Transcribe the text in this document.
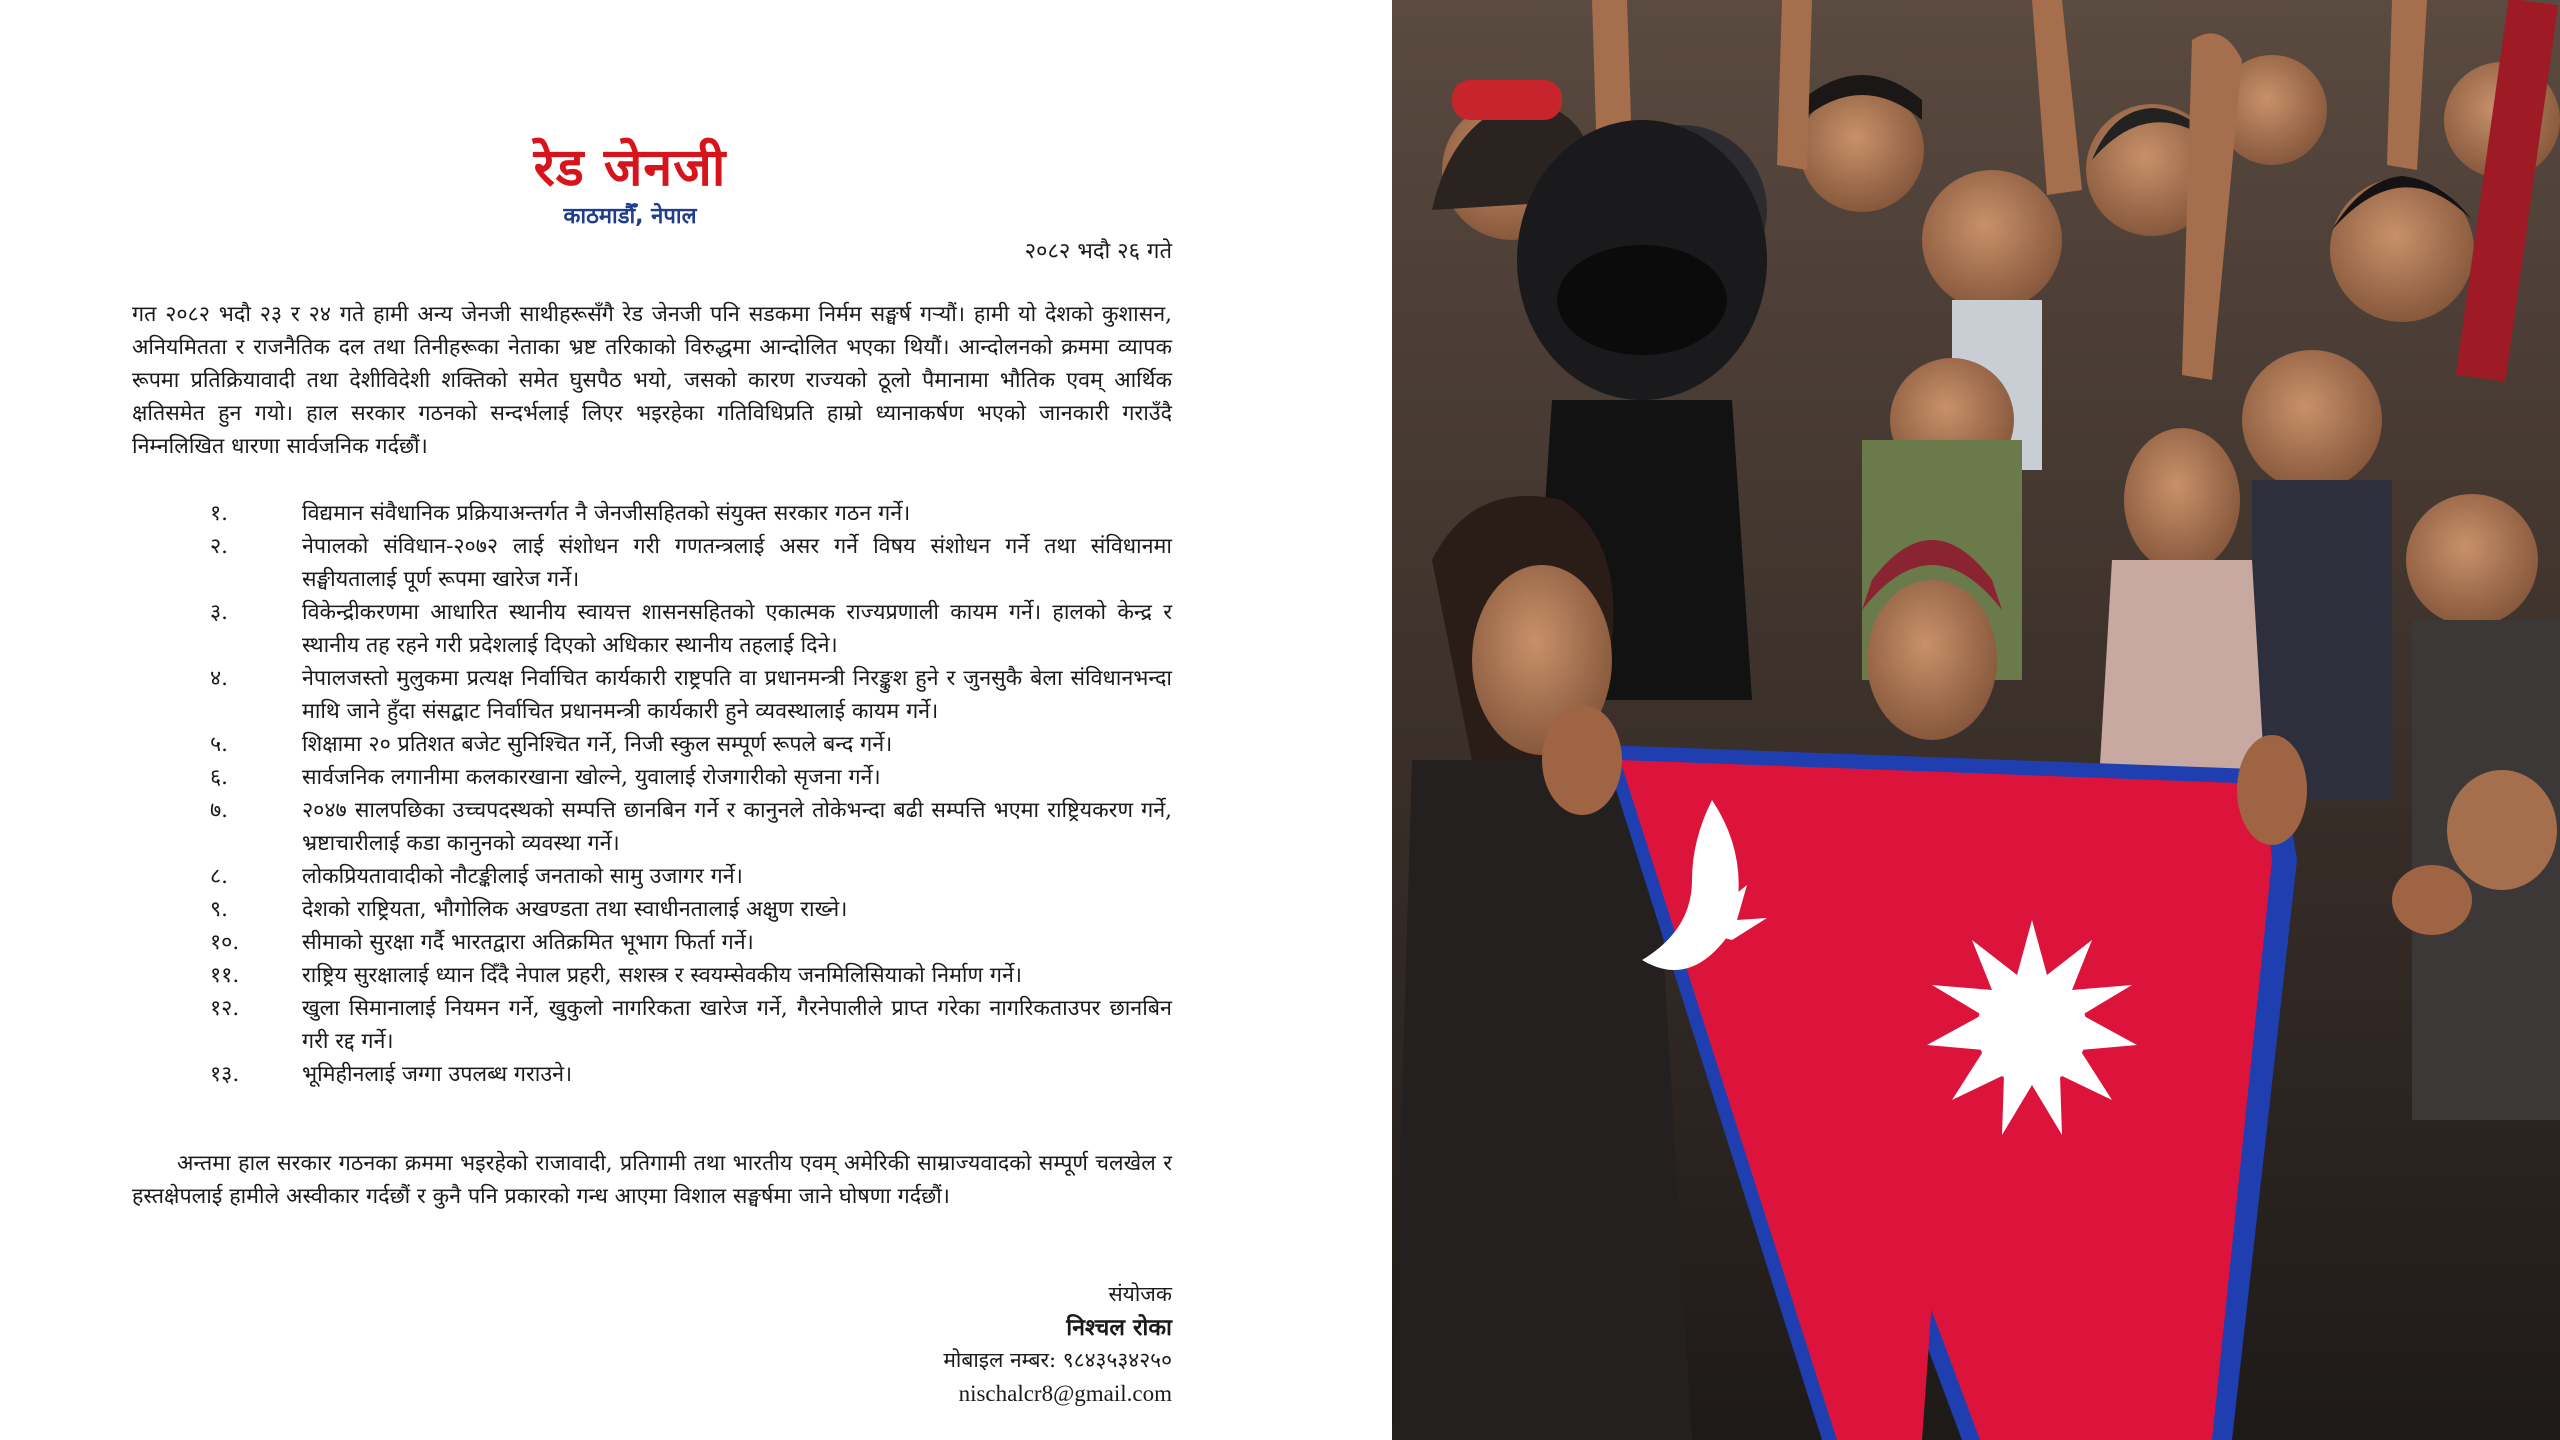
रेड जेनजी

काठमाडौँ, नेपाल

२०८२ भदौ २६ गते

गत २०८२ भदौ २३ र २४ गते हामी अन्य जेनजी साथीहरूसँगै रेड जेनजी पनि सडकमा निर्मम सङ्घर्ष गर्‍यौं। हामी यो देशको कुशासन, अनियमितता र राजनैतिक दल तथा तिनीहरूका नेताका भ्रष्ट तरिकाको विरुद्धमा आन्दोलित भएका थियौं। आन्दोलनको क्रममा व्यापक रूपमा प्रतिक्रियावादी तथा देशीविदेशी शक्तिको समेत घुसपैठ भयो, जसको कारण राज्यको ठूलो पैमानामा भौतिक एवम् आर्थिक क्षतिसमेत हुन गयो। हाल सरकार गठनको सन्दर्भलाई लिएर भइरहेका गतिविधिप्रति हाम्रो ध्यानाकर्षण भएको जानकारी गराउँदै निम्नलिखित धारणा सार्वजनिक गर्दछौं।

१.	विद्यमान संवैधानिक प्रक्रियाअन्तर्गत नै जेनजीसहितको संयुक्त सरकार गठन गर्ने।
२.	नेपालको संविधान-२०७२ लाई संशोधन गरी गणतन्त्रलाई असर गर्ने विषय संशोधन गर्ने तथा संविधानमा सङ्घीयतालाई पूर्ण रूपमा खारेज गर्ने।
३.	विकेन्द्रीकरणमा आधारित स्थानीय स्वायत्त शासनसहितको एकात्मक राज्यप्रणाली कायम गर्ने। हालको केन्द्र र स्थानीय तह रहने गरी प्रदेशलाई दिएको अधिकार स्थानीय तहलाई दिने।
४.	नेपालजस्तो मुलुकमा प्रत्यक्ष निर्वाचित कार्यकारी राष्ट्रपति वा प्रधानमन्त्री निरङ्कुश हुने र जुनसुकै बेला संविधानभन्दा माथि जाने हुँदा संसद्बाट निर्वाचित प्रधानमन्त्री कार्यकारी हुने व्यवस्थालाई कायम गर्ने।
५.	शिक्षामा २० प्रतिशत बजेट सुनिश्चित गर्ने, निजी स्कुल सम्पूर्ण रूपले बन्द गर्ने।
६.	सार्वजनिक लगानीमा कलकारखाना खोल्ने, युवालाई रोजगारीको सृजना गर्ने।
७.	२०४७ सालपछिका उच्चपदस्थको सम्पत्ति छानबिन गर्ने र कानुनले तोकेभन्दा बढी सम्पत्ति भएमा राष्ट्रियकरण गर्ने, भ्रष्टाचारीलाई कडा कानुनको व्यवस्था गर्ने।
८.	लोकप्रियतावादीको नौटङ्कीलाई जनताको सामु उजागर गर्ने।
९.	देशको राष्ट्रियता, भौगोलिक अखण्डता तथा स्वाधीनतालाई अक्षुण राख्ने।
१०.	सीमाको सुरक्षा गर्दै भारतद्वारा अतिक्रमित भूभाग फिर्ता गर्ने।
११.	राष्ट्रिय सुरक्षालाई ध्यान दिँदै नेपाल प्रहरी, सशस्त्र र स्वयम्सेवकीय जनमिलिसियाको निर्माण गर्ने।
१२.	खुला सिमानालाई नियमन गर्ने, खुकुलो नागरिकता खारेज गर्ने, गैरनेपालीले प्राप्त गरेका नागरिकताउपर छानबिन गरी रद्द गर्ने।
१३.	भूमिहीनलाई जग्गा उपलब्ध गराउने।

अन्तमा हाल सरकार गठनका क्रममा भइरहेको राजावादी, प्रतिगामी तथा भारतीय एवम् अमेरिकी साम्राज्यवादको सम्पूर्ण चलखेल र हस्तक्षेपलाई हामीले अस्वीकार गर्दछौं र कुनै पनि प्रकारको गन्ध आएमा विशाल सङ्घर्षमा जाने घोषणा गर्दछौं।

संयोजक
निश्चल रोका
मोबाइल नम्बर: ९८४३५३४२५०
nischalcr8@gmail.com
